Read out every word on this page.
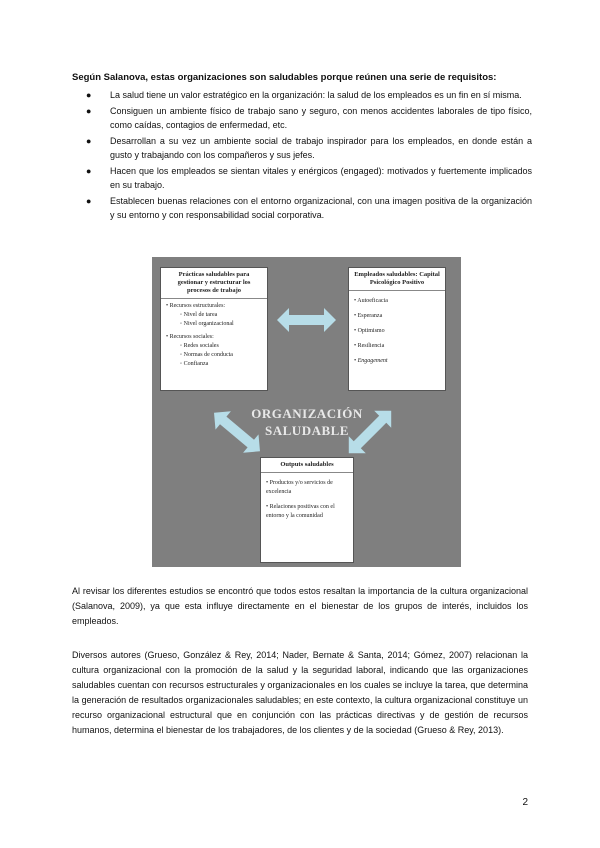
Según Salanova, estas organizaciones son saludables porque reúnen una serie de requisitos:
● La salud tiene un valor estratégico en la organización: la salud de los empleados es un fin en sí misma.
● Consiguen un ambiente físico de trabajo sano y seguro, con menos accidentes laborales de tipo físico, como caídas, contagios de enfermedad, etc.
● Desarrollan a su vez un ambiente social de trabajo inspirador para los empleados, en donde están a gusto y trabajando con los compañeros y sus jefes.
● Hacen que los empleados se sientan vitales y enérgicos (engaged): motivados y fuertemente implicados en su trabajo.
● Establecen buenas relaciones con el entorno organizacional, con una imagen positiva de la organización y su entorno y con responsabilidad social corporativa.
Prácticas saludables para gestionar y estructurar los procesos de trabajo
• Recursos estructurales:
◦ Nivel de tarea
◦ Nivel organizacional
• Recursos sociales:
◦ Redes sociales
◦ Normas de conducta
◦ Confianza
Empleados saludables: Capital Psicológico Positivo
• Autoeficacia
• Esperanza
• Optimismo
• Resiliencia
• Engagement
ORGANIZACIÓN
SALUDABLE
Outputs saludables
• Productos y/o servicios de excelencia
• Relaciones positivas con el entorno y la comunidad
Al revisar los diferentes estudios se encontró que todos estos resaltan la importancia de la cultura organizacional (Salanova, 2009), ya que esta influye directamente en el bienestar de los grupos de interés, incluidos los empleados.
Diversos autores (Grueso, González & Rey, 2014; Nader, Bernate & Santa, 2014; Gómez, 2007) relacionan la cultura organizacional con la promoción de la salud y la seguridad laboral, indicando que las organizaciones saludables cuentan con recursos estructurales y organizacionales en los cuales se incluye la tarea, que determina la generación de resultados organizacionales saludables; en este contexto, la cultura organizacional constituye un recurso organizacional estructural que en conjunción con las prácticas directivas y de gestión de recursos humanos, determina el bienestar de los trabajadores, de los clientes y de la sociedad (Grueso & Rey, 2013).
2
